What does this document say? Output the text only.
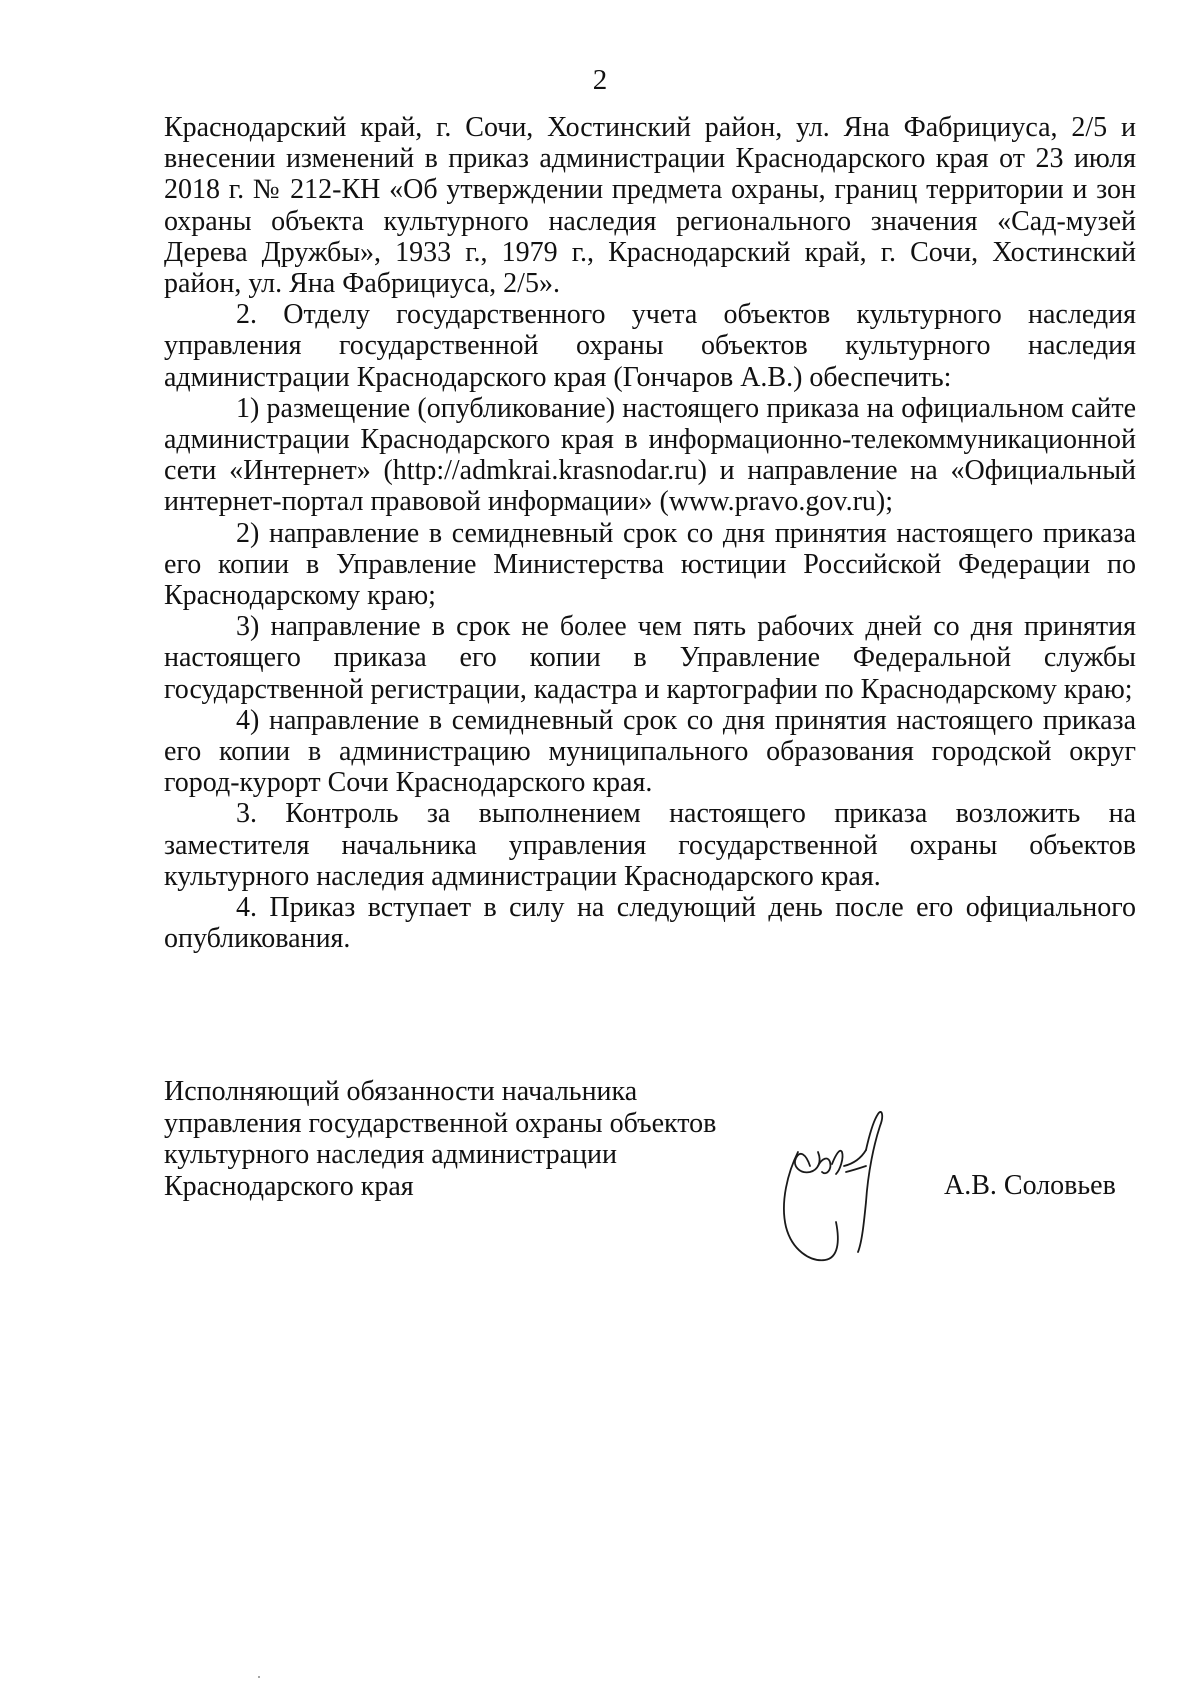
2

Краснодарский край, г. Сочи, Хостинский район, ул. Яна Фабрициуса, 2/5 и внесении изменений в приказ администрации Краснодарского края от 23 июля 2018 г. № 212-КН «Об утверждении предмета охраны, границ территории и зон охраны объекта культурного наследия регионального значения «Сад-музей Дерева Дружбы», 1933 г., 1979 г., Краснодарский край, г. Сочи, Хостинский район, ул. Яна Фабрициуса, 2/5».

2. Отделу государственного учета объектов культурного наследия управления государственной охраны объектов культурного наследия администрации Краснодарского края (Гончаров А.В.) обеспечить:

1) размещение (опубликование) настоящего приказа на официальном сайте администрации Краснодарского края в информационно-телекоммуникационной сети «Интернет» (http://admkrai.krasnodar.ru) и направление на «Официальный интернет-портал правовой информации» (www.pravo.gov.ru);

2) направление в семидневный срок со дня принятия настоящего приказа его копии в Управление Министерства юстиции Российской Федерации по Краснодарскому краю;

3) направление в срок не более чем пять рабочих дней со дня принятия настоящего приказа его копии в Управление Федеральной службы государственной регистрации, кадастра и картографии по Краснодарскому краю;

4) направление в семидневный срок со дня принятия настоящего приказа его копии в администрацию муниципального образования городской округ город-курорт Сочи Краснодарского края.

3. Контроль за выполнением настоящего приказа возложить на заместителя начальника управления государственной охраны объектов культурного наследия администрации Краснодарского края.

4. Приказ вступает в силу на следующий день после его официального опубликования.

Исполняющий обязанности начальника
управления государственной охраны объектов
культурного наследия администрации
Краснодарского края	А.В. Соловьев
